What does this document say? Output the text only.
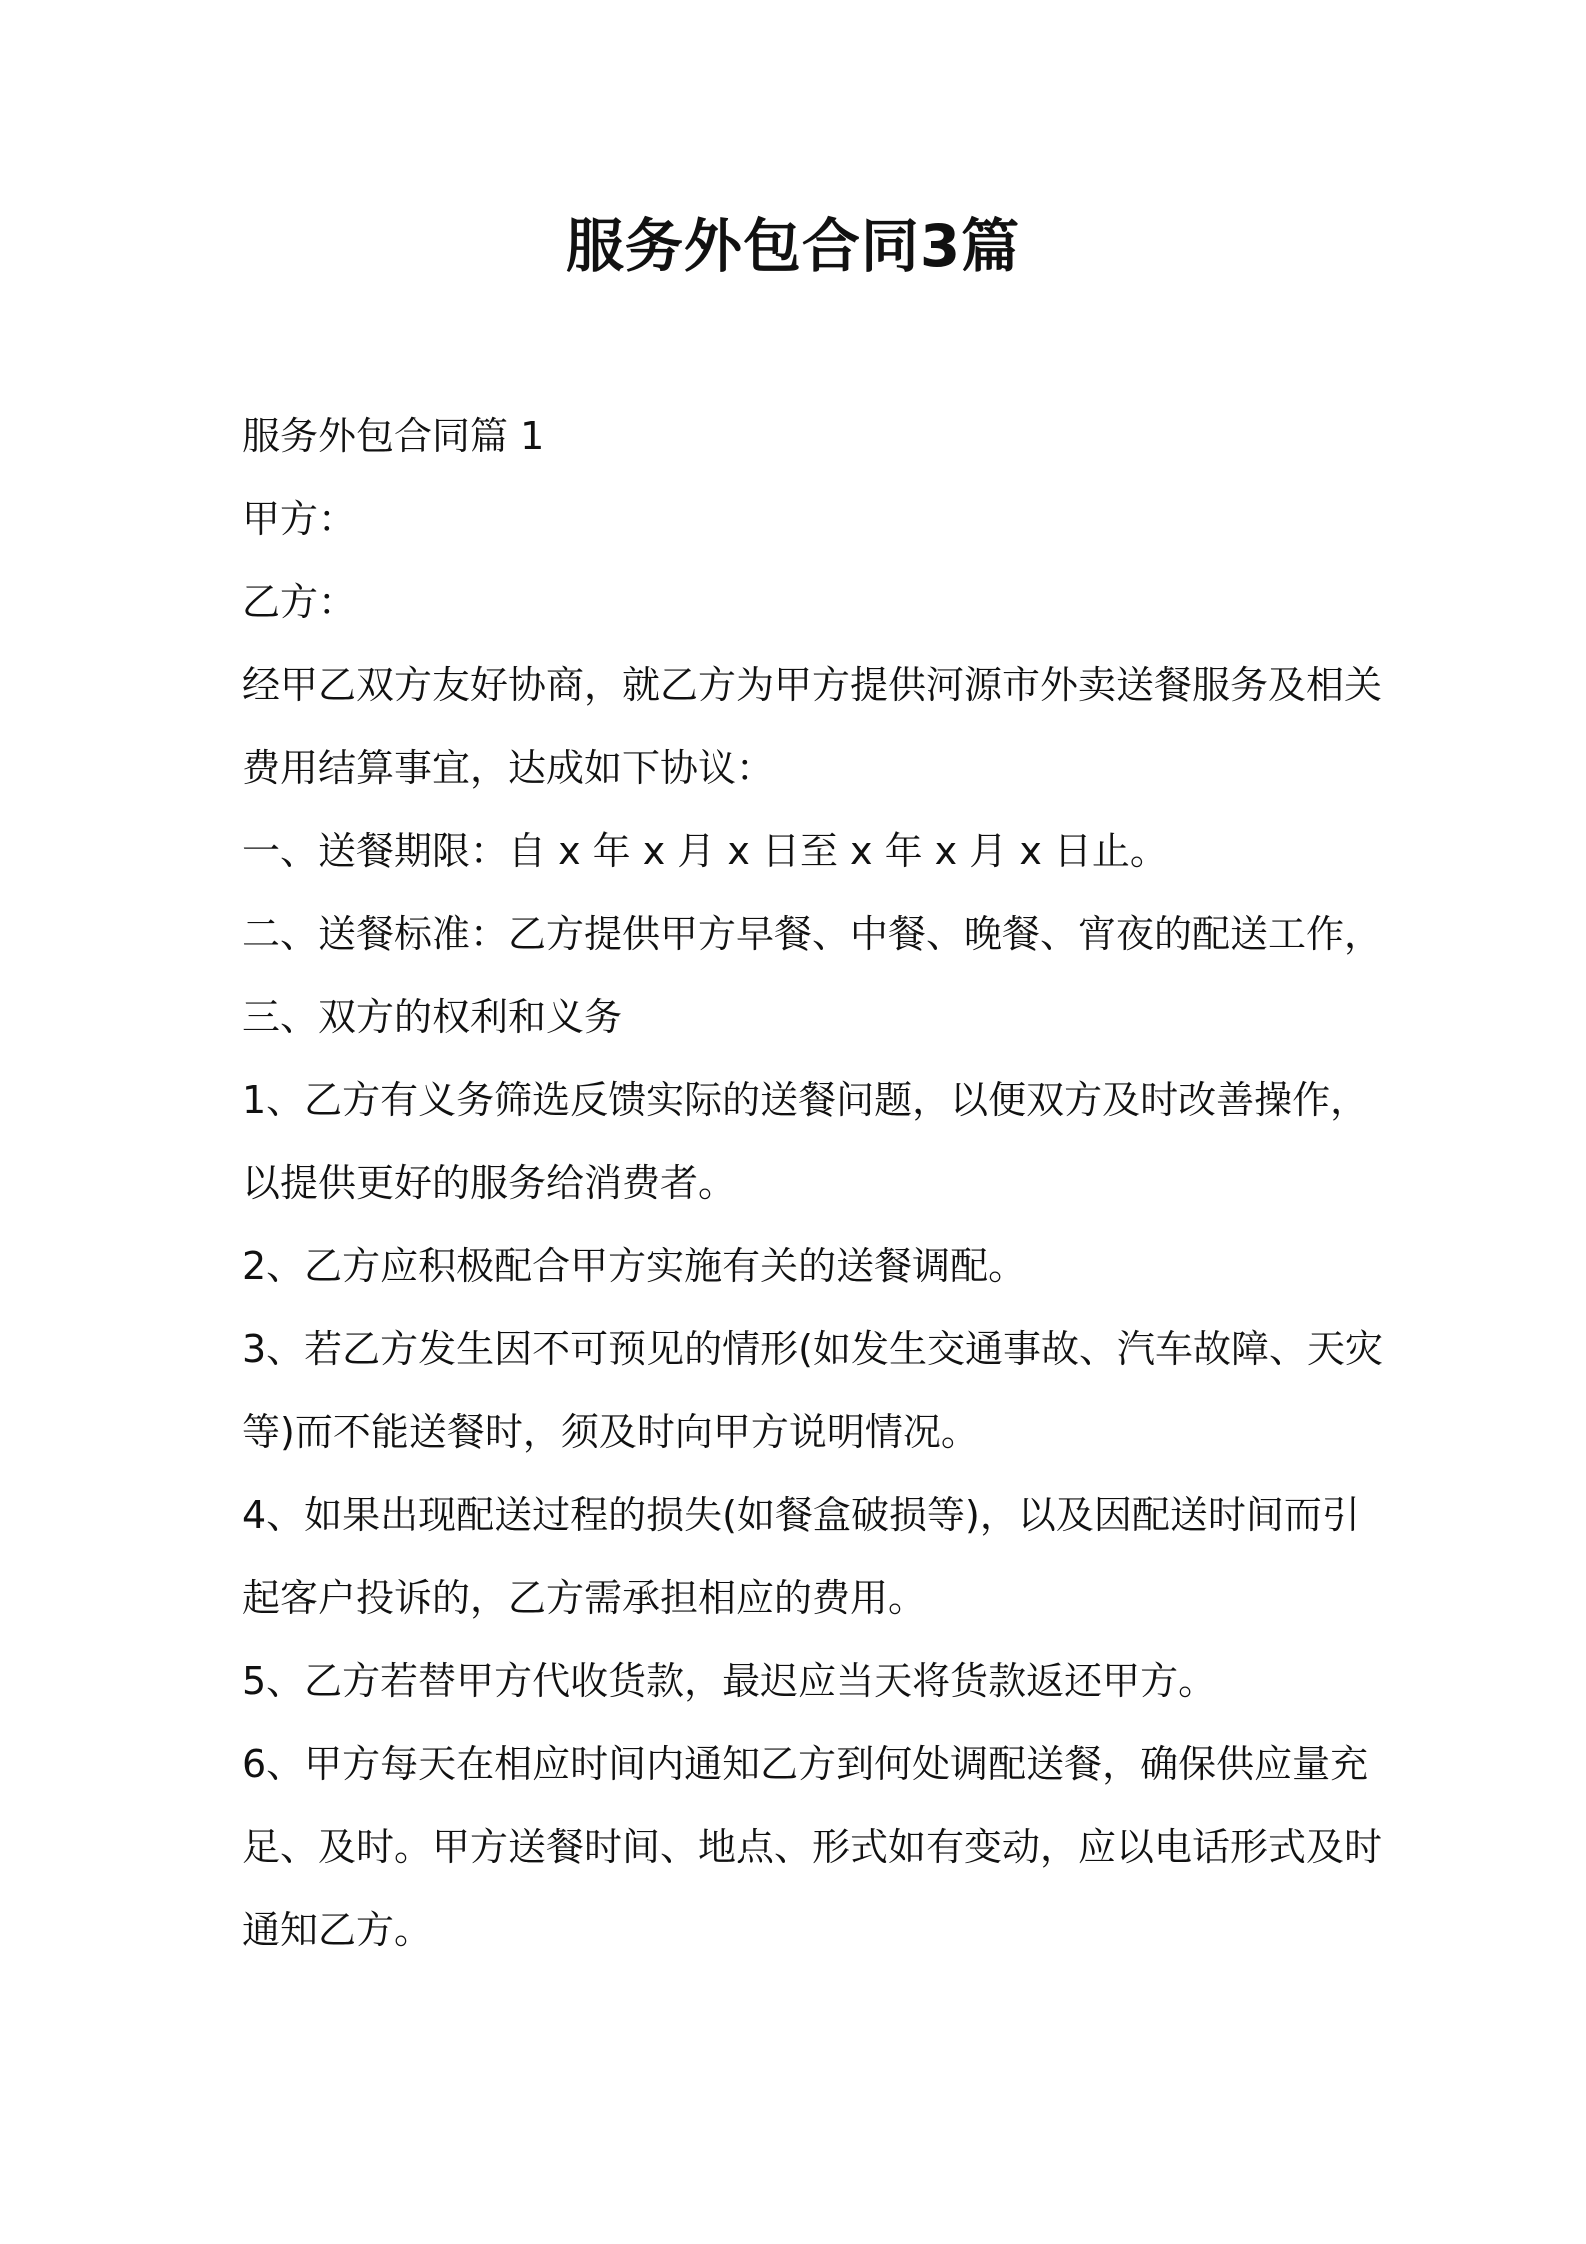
服务外包合同3篇
服务外包合同篇 1
甲方：
乙方：
经甲乙双方友好协商，就乙方为甲方提供河源市外卖送餐服务及相关
费用结算事宜，达成如下协议：
一、送餐期限：自 x 年 x 月 x 日至 x 年 x 月 x 日止。
二、送餐标准：乙方提供甲方早餐、中餐、晚餐、宵夜的配送工作，
三、双方的权利和义务
1、乙方有义务筛选反馈实际的送餐问题，以便双方及时改善操作，
以提供更好的服务给消费者。
2、乙方应积极配合甲方实施有关的送餐调配。
3、若乙方发生因不可预见的情形(如发生交通事故、汽车故障、天灾
等)而不能送餐时，须及时向甲方说明情况。
4、如果出现配送过程的损失(如餐盒破损等)，以及因配送时间而引
起客户投诉的，乙方需承担相应的费用。
5、乙方若替甲方代收货款，最迟应当天将货款返还甲方。
6、甲方每天在相应时间内通知乙方到何处调配送餐，确保供应量充
足、及时。甲方送餐时间、地点、形式如有变动，应以电话形式及时
通知乙方。
